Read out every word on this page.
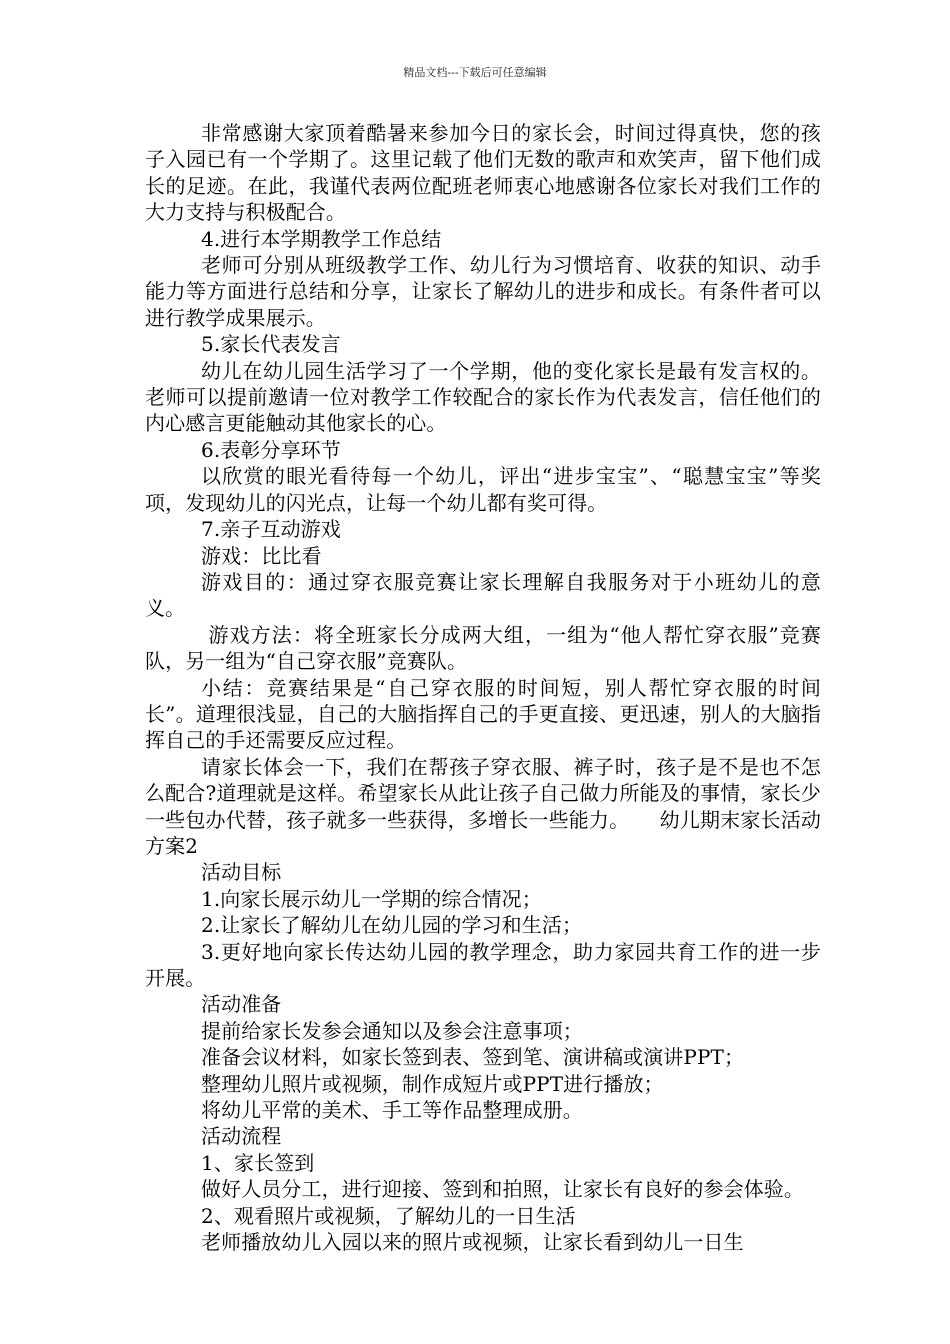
精品文档---下载后可任意编辑

非常感谢大家顶着酷暑来参加今日的家长会，时间过得真快，您的孩子入园已有一个学期了。这里记载了他们无数的歌声和欢笑声，留下他们成长的足迹。在此，我谨代表两位配班老师衷心地感谢各位家长对我们工作的大力支持与积极配合。

4.进行本学期教学工作总结

老师可分别从班级教学工作、幼儿行为习惯培育、收获的知识、动手能力等方面进行总结和分享，让家长了解幼儿的进步和成长。有条件者可以进行教学成果展示。

5.家长代表发言

幼儿在幼儿园生活学习了一个学期，他的变化家长是最有发言权的。老师可以提前邀请一位对教学工作较配合的家长作为代表发言，信任他们的内心感言更能触动其他家长的心。

6.表彰分享环节

以欣赏的眼光看待每一个幼儿，评出“进步宝宝”、“聪慧宝宝”等奖项，发现幼儿的闪光点，让每一个幼儿都有奖可得。

7.亲子互动游戏

游戏：比比看

游戏目的：通过穿衣服竞赛让家长理解自我服务对于小班幼儿的意义。

游戏方法：将全班家长分成两大组，一组为“他人帮忙穿衣服”竞赛队，另一组为“自己穿衣服”竞赛队。

小结：竞赛结果是“自己穿衣服的时间短，别人帮忙穿衣服的时间长”。道理很浅显，自己的大脑指挥自己的手更直接、更迅速，别人的大脑指挥自己的手还需要反应过程。

请家长体会一下，我们在帮孩子穿衣服、裤子时，孩子是不是也不怎么配合?道理就是这样。希望家长从此让孩子自己做力所能及的事情，家长少一些包办代替，孩子就多一些获得，多增长一些能力。　　幼儿期末家长活动方案2

活动目标

1.向家长展示幼儿一学期的综合情况；

2.让家长了解幼儿在幼儿园的学习和生活；

3.更好地向家长传达幼儿园的教学理念，助力家园共育工作的进一步开展。

活动准备

提前给家长发参会通知以及参会注意事项；

准备会议材料，如家长签到表、签到笔、演讲稿或演讲PPT；

整理幼儿照片或视频，制作成短片或PPT进行播放；

将幼儿平常的美术、手工等作品整理成册。

活动流程

1、家长签到

做好人员分工，进行迎接、签到和拍照，让家长有良好的参会体验。

2、观看照片或视频，了解幼儿的一日生活

老师播放幼儿入园以来的照片或视频，让家长看到幼儿一日生
